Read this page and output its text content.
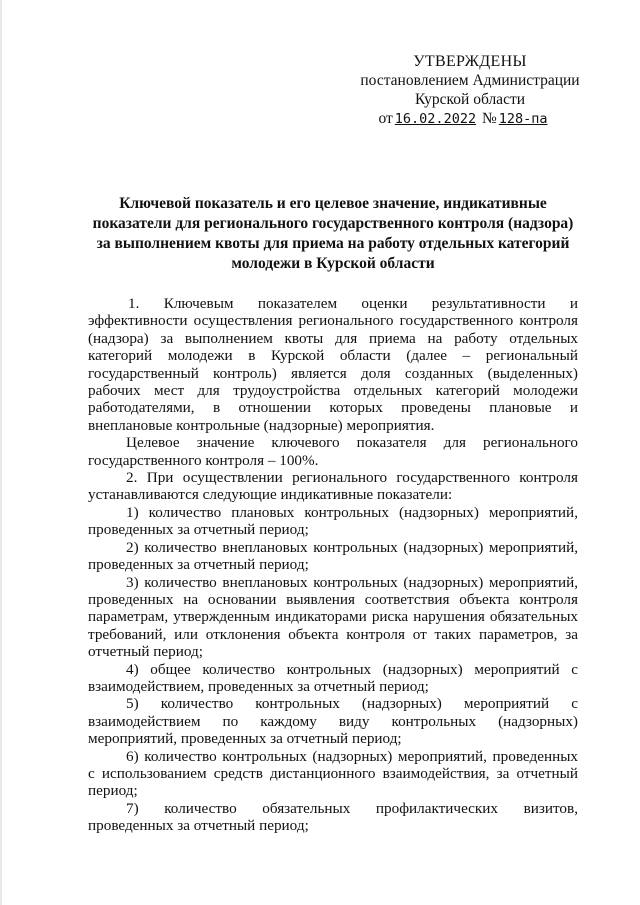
УТВЕРЖДЕНЫ
постановлением Администрации
Курской области
от 16.02.2022 № 128-па
Ключевой показатель и его целевое значение, индикативные показатели для регионального государственного контроля (надзора) за выполнением квоты для приема на работу отдельных категорий молодежи в Курской области

1. Ключевым показателем оценки результативности и эффективности осуществления регионального государственного контроля (надзора) за выполнением квоты для приема на работу отдельных категорий молодежи в Курской области (далее – региональный государственный контроль) является доля созданных (выделенных) рабочих мест для трудоустройства отдельных категорий молодежи работодателями, в отношении которых проведены плановые и внеплановые контрольные (надзорные) мероприятия.

Целевое значение ключевого показателя для регионального государственного контроля – 100%.

2. При осуществлении регионального государственного контроля устанавливаются следующие индикативные показатели:

1) количество плановых контрольных (надзорных) мероприятий, проведенных за отчетный период;

2) количество внеплановых контрольных (надзорных) мероприятий, проведенных за отчетный период;

3) количество внеплановых контрольных (надзорных) мероприятий, проведенных на основании выявления соответствия объекта контроля параметрам, утвержденным индикаторами риска нарушения обязательных требований, или отклонения объекта контроля от таких параметров, за отчетный период;

4) общее количество контрольных (надзорных) мероприятий с взаимодействием, проведенных за отчетный период;

5) количество контрольных (надзорных) мероприятий с взаимодействием по каждому виду контрольных (надзорных) мероприятий, проведенных за отчетный период;

6) количество контрольных (надзорных) мероприятий, проведенных с использованием средств дистанционного взаимодействия, за отчетный период;

7) количество обязательных профилактических визитов, проведенных за отчетный период;
